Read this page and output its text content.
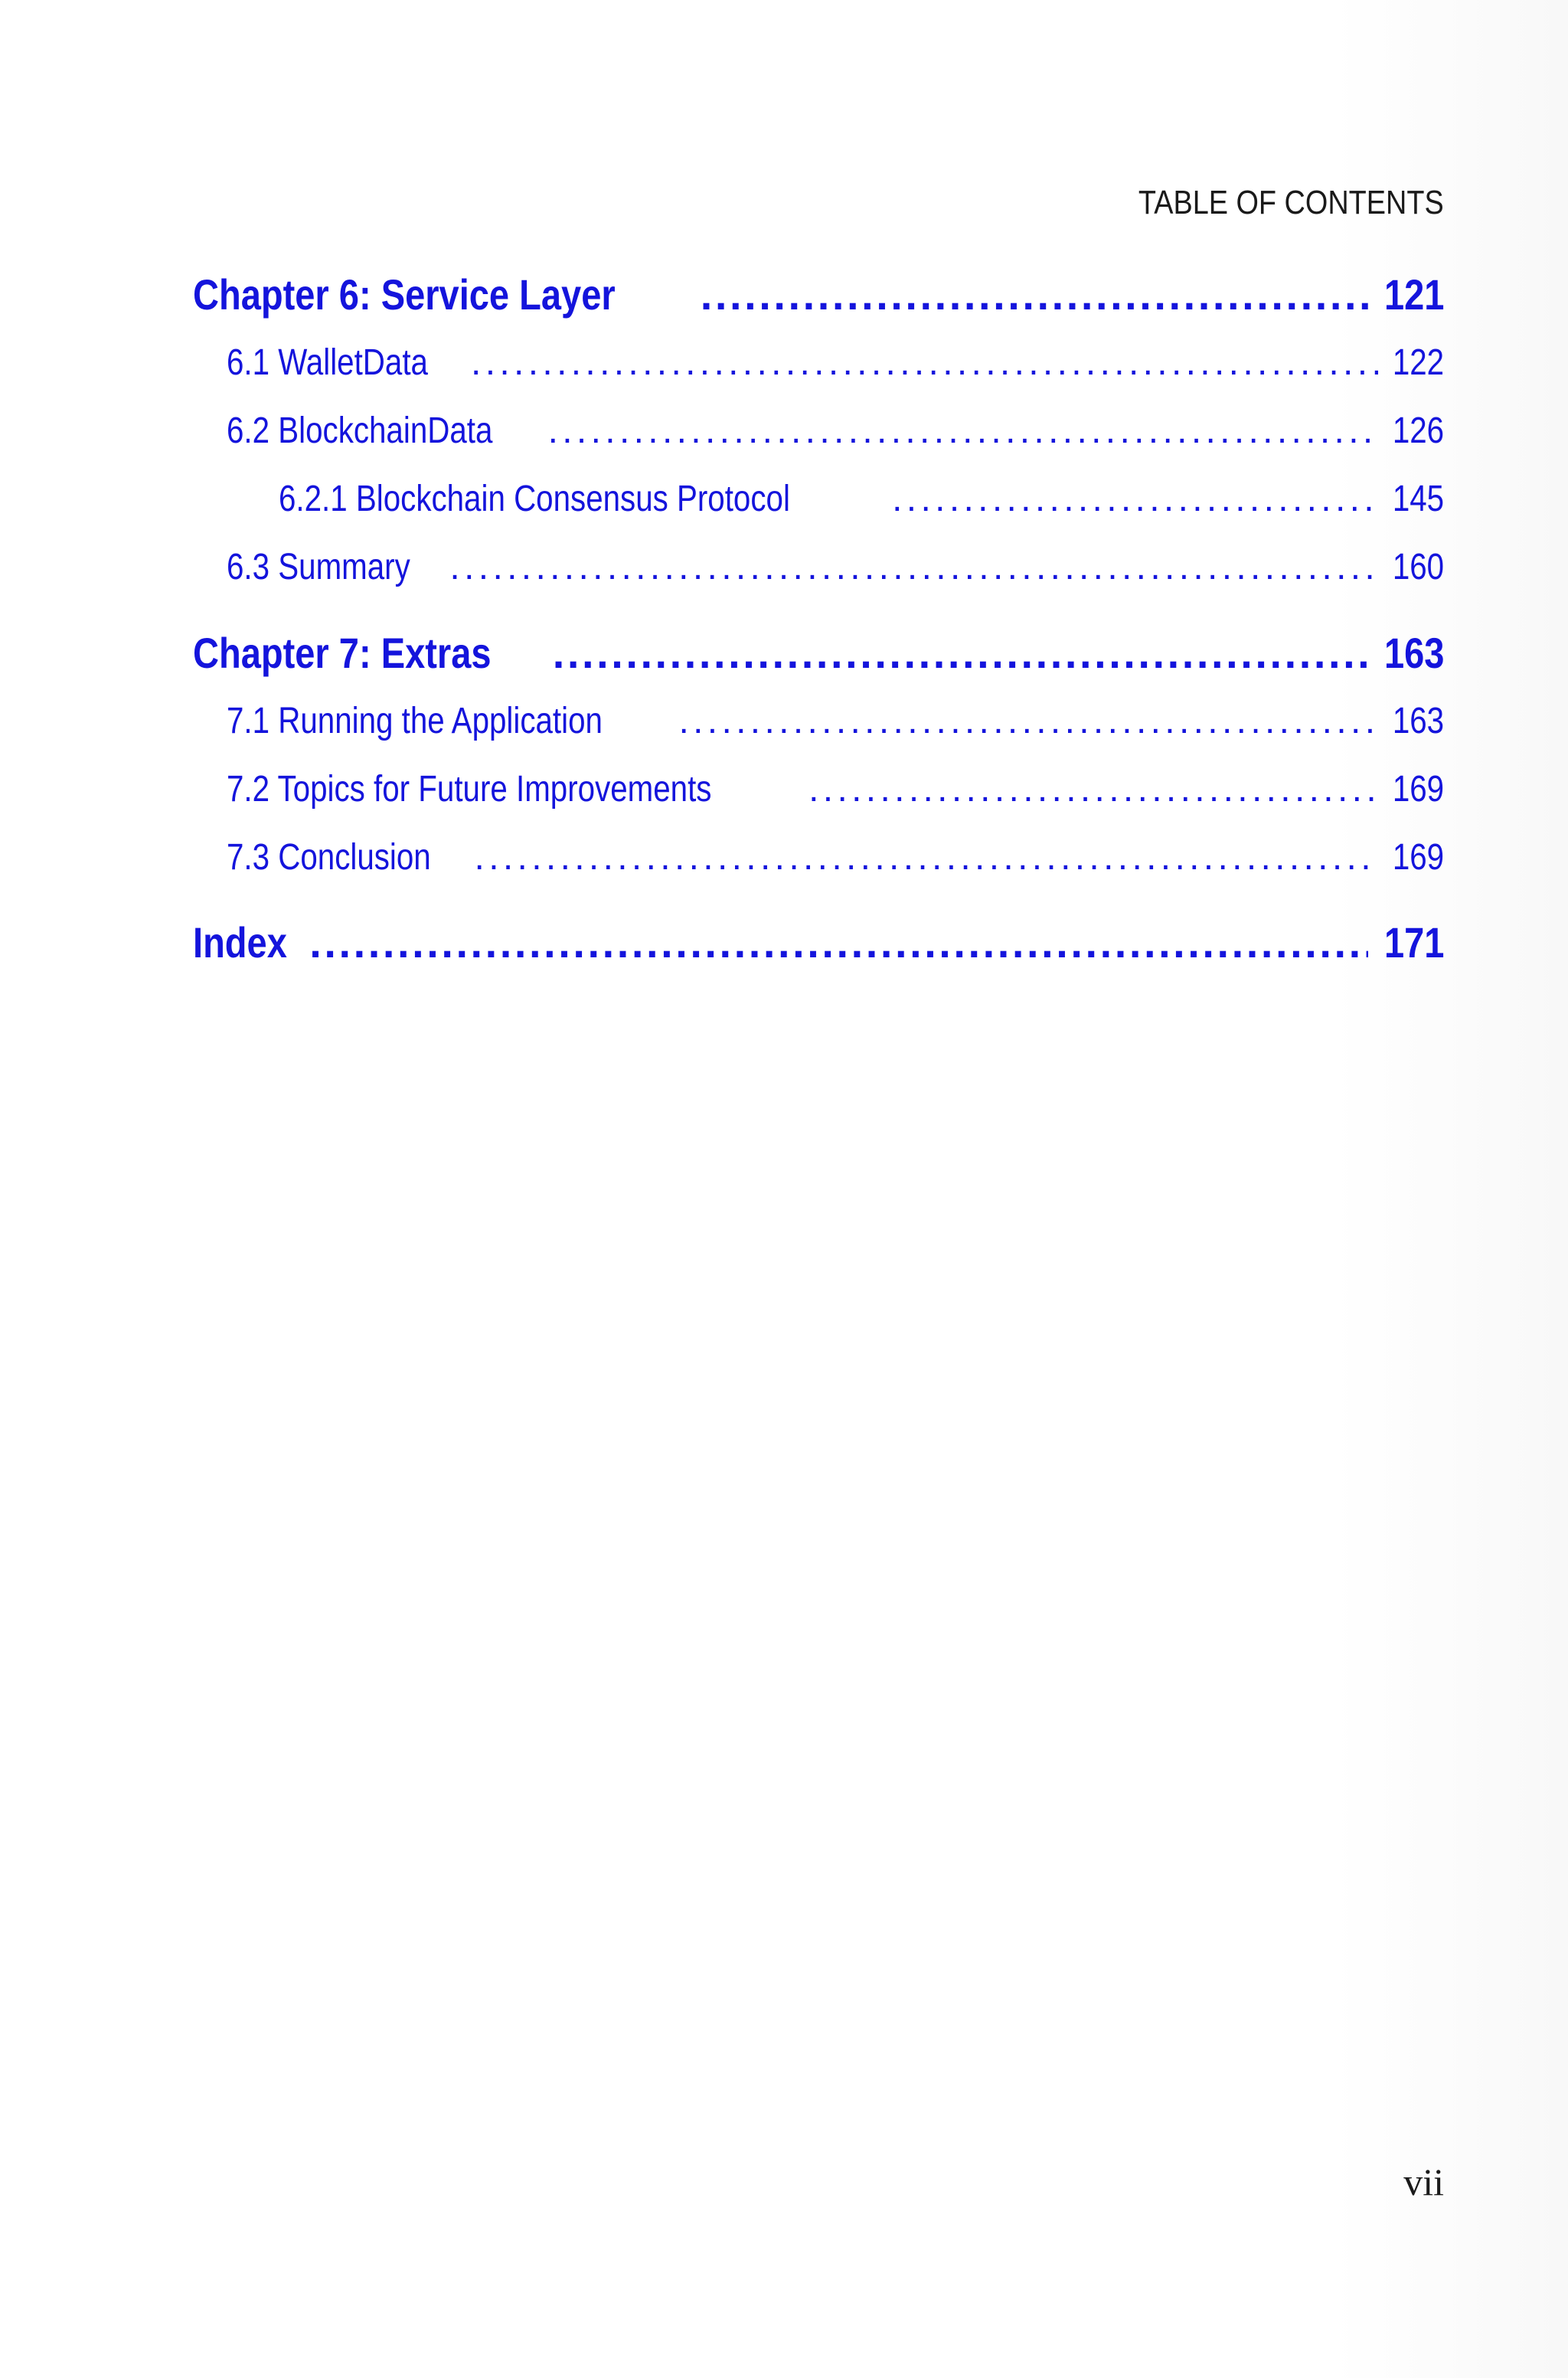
TABLE OF CONTENTS
Chapter 6: Service Layer . . .	121
6.1 WalletData . . .	122
6.2 BlockchainData . . .	126
6.2.1 Blockchain Consensus Protocol . . .	145
6.3 Summary . . .	160
Chapter 7: Extras . . .	163
7.1 Running the Application . . .	163
7.2 Topics for Future Improvements . . .	169
7.3 Conclusion . . .	169
Index . . .	171
vii
